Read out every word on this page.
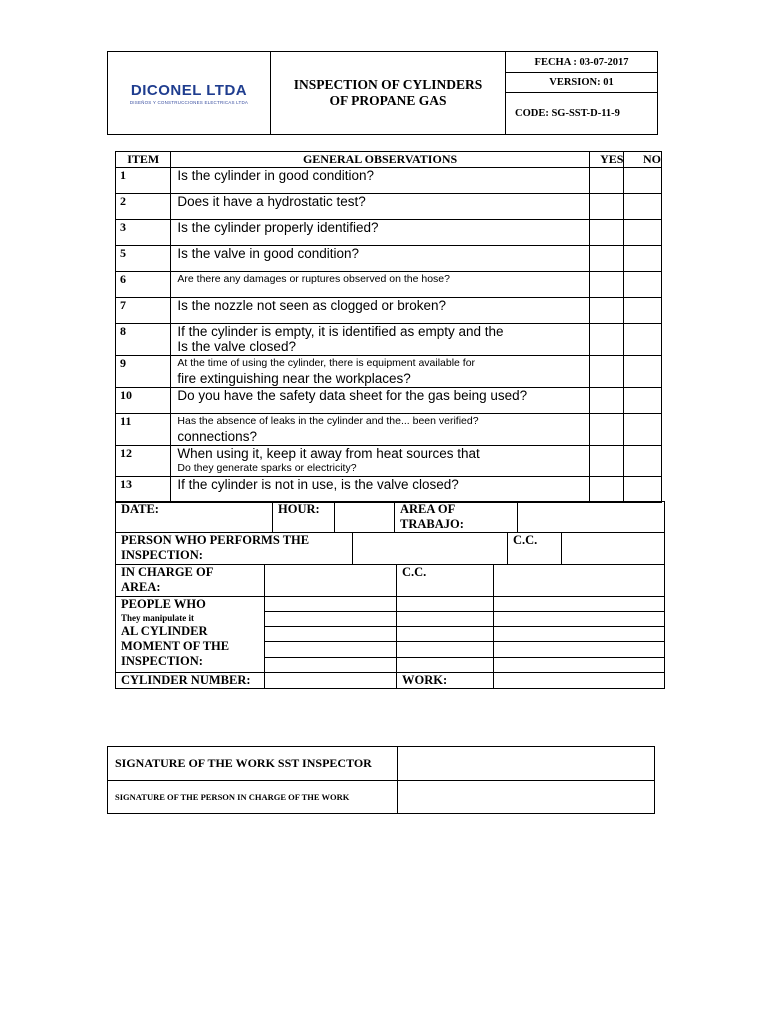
DICONEL LTDA
DISEÑOS Y CONSTRUCCIONES ELECTRICAS LTDA

INSPECTION OF CYLINDERS OF PROPANE GAS
	FECHA : 03-07-2017
VERSION: 01
CODE: SG-SST-D-11-9
ITEM	GENERAL OBSERVATIONS	YES	NO
1	Is the cylinder in good condition?		

2	Does it have a hydrostatic test?		

3	Is the cylinder properly identified?		

5	Is the valve in good condition?		

6	Are there any damages or ruptures observed on the hose?		

7	Is the nozzle not seen as clogged or broken?		

8	If the cylinder is empty, it is identified as empty and the
Is the valve closed?		

9	At the time of using the cylinder, there is equipment available for
fire extinguishing near the workplaces?		

10	Do you have the safety data sheet for the gas being used?		

11	Has the absence of leaks in the cylinder and the... been verified?
connections?		

12	When using it, keep it away from heat sources that
Do they generate sparks or electricity?		

13	If the cylinder is not in use, is the valve closed?		

DATE:	HOUR:		AREA OF
TRABAJO:

PERSON WHO PERFORMS THE
INSPECTION:
		C.C.	
IN CHARGE OF
AREA:		C.C.	

PEOPLE WHO
They manipulate it
AL CYLINDER
MOMENT OF THE
INSPECTION:			

CYLINDER NUMBER:		WORK:	
SIGNATURE OF THE WORK SST INSPECTOR	
SIGNATURE OF THE PERSON IN CHARGE OF THE WORK	
